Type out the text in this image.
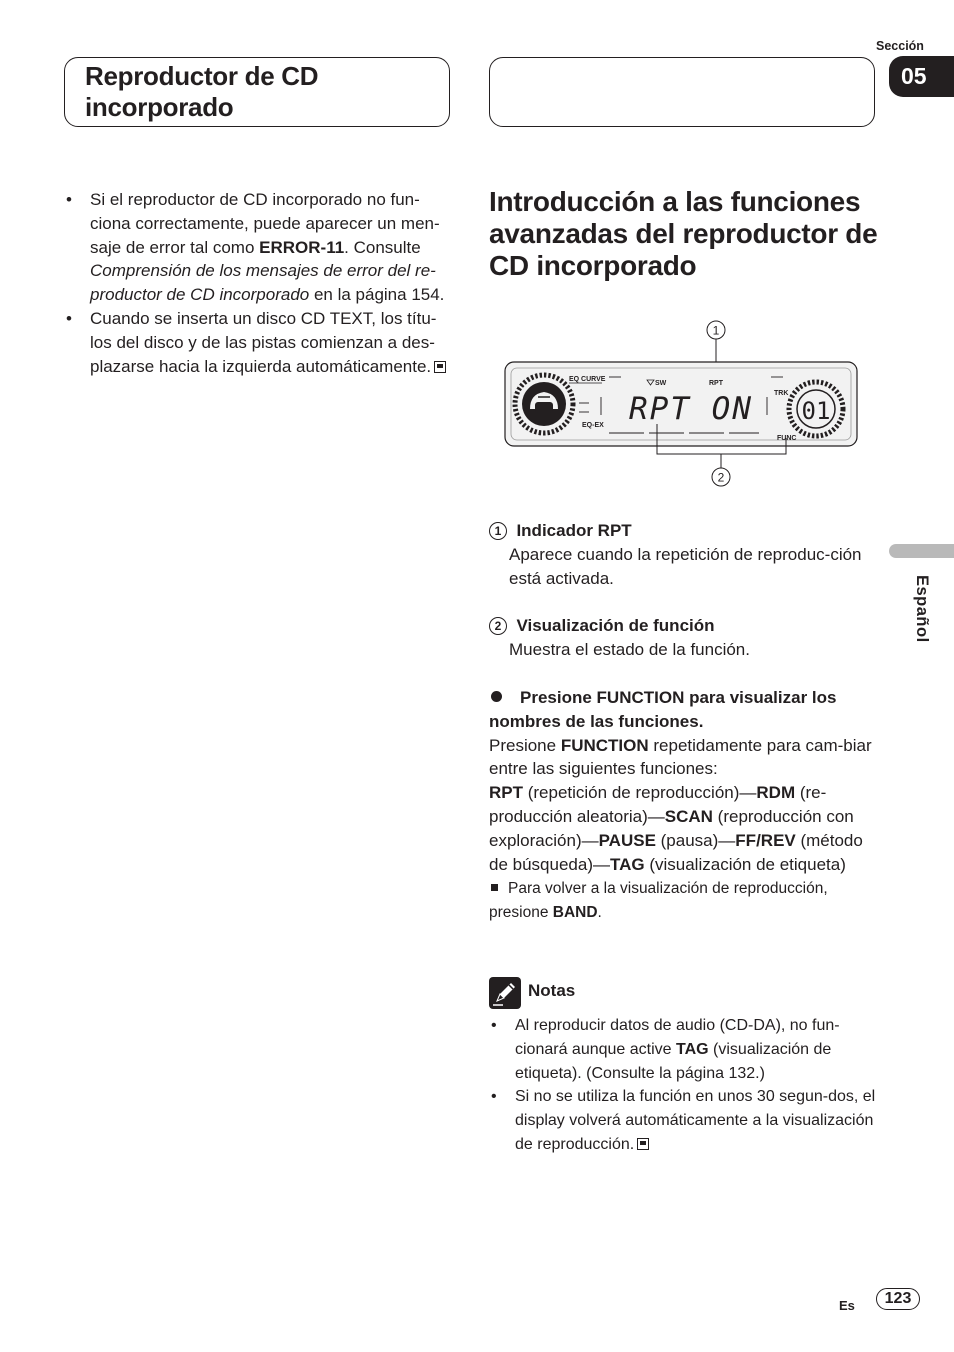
Reproductor de CD incorporado
Sección
05
Español
• Si el reproductor de CD incorporado no fun-ciona correctamente, puede aparecer un men-saje de error tal como ERROR-11. Consulte Comprensión de los mensajes de error del re-productor de CD incorporado en la página 154.
• Cuando se inserta un disco CD TEXT, los títu-los del disco y de las pistas comienzan a des-plazarse hacia la izquierda automáticamente.
Introducción a las funciones avanzadas del reproductor de CD incorporado
1
EQ CURVE
EQ-EX
SW	RPT
TRK
FUNC
RPT ON 01
2
1 Indicador RPT
Aparece cuando la repetición de reproduc-ción está activada.
2 Visualización de función
Muestra el estado de la función.
Presione FUNCTION para visualizar los nombres de las funciones.
Presione FUNCTION repetidamente para cam-biar entre las siguientes funciones:
RPT (repetición de reproducción)—RDM (re-producción aleatoria)—SCAN (reproducción con exploración)—PAUSE (pausa)—FF/REV (método de búsqueda)—TAG (visualización de etiqueta)
Para volver a la visualización de reproducción, presione BAND.
Notas
• Al reproducir datos de audio (CD-DA), no fun-cionará aunque active TAG (visualización de etiqueta). (Consulte la página 132.)
• Si no se utiliza la función en unos 30 segun-dos, el display volverá automáticamente a la visualización de reproducción.
Es	123
